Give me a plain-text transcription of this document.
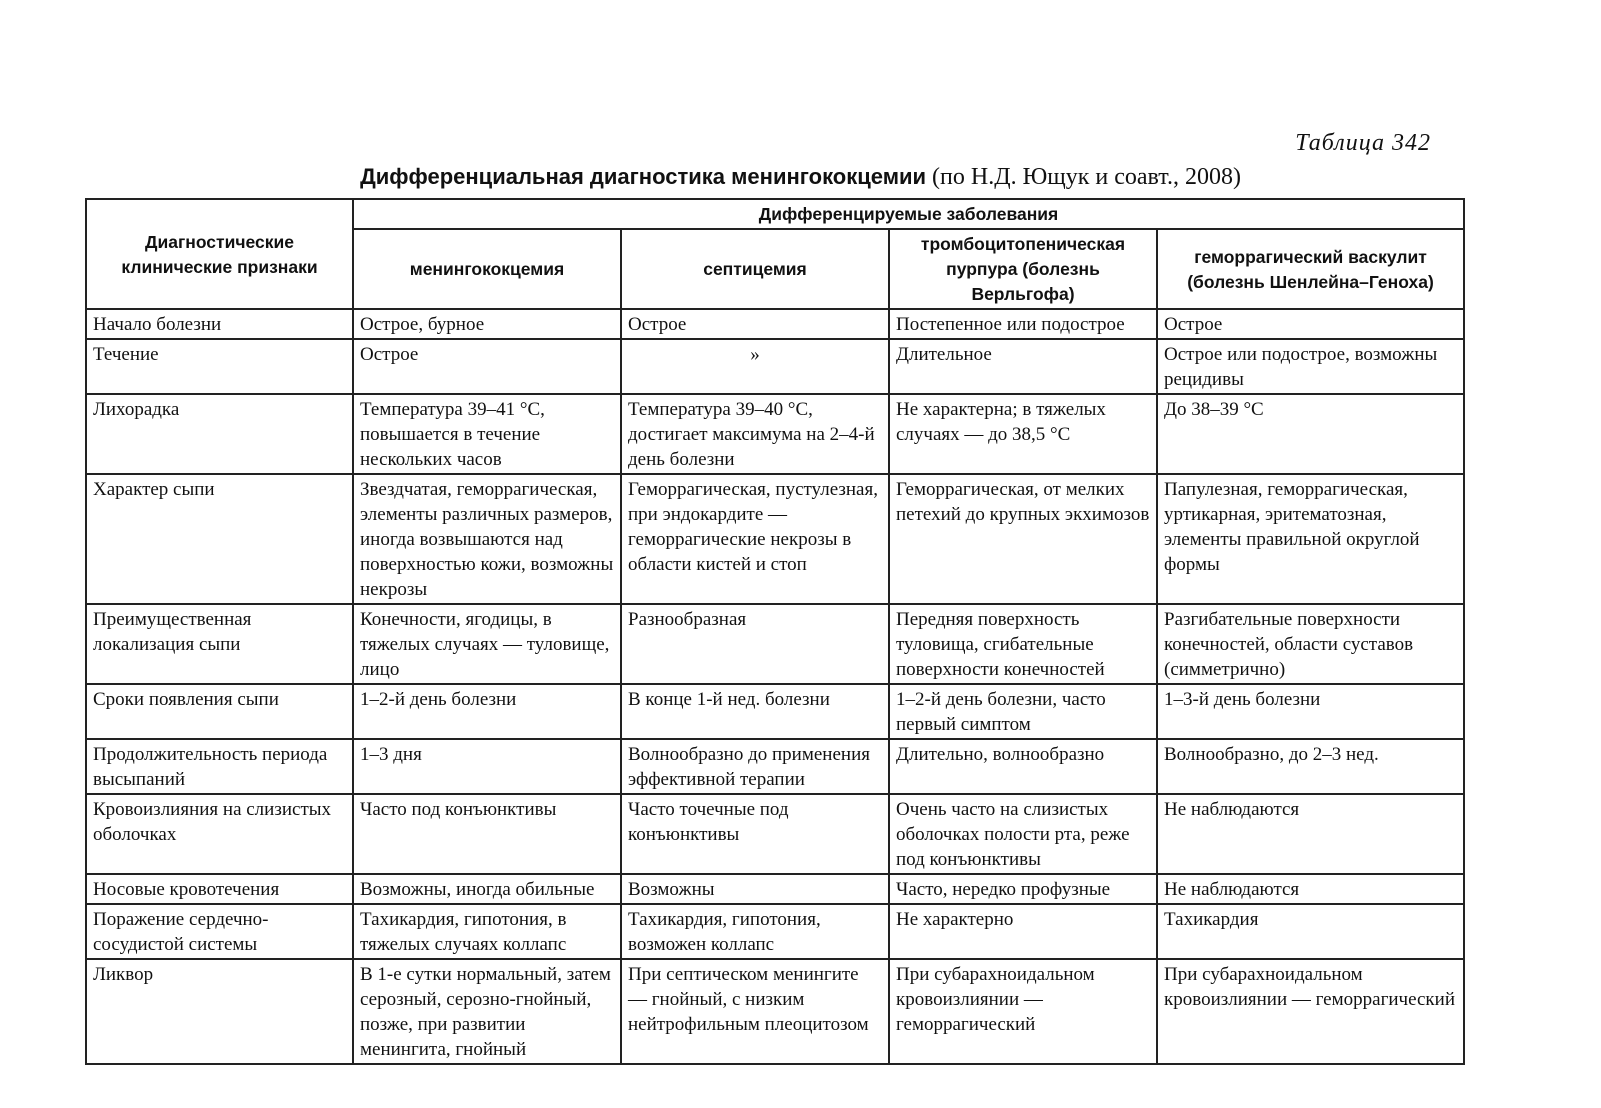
Таблица 342
Дифференциальная диагностика менингококцемии (по Н.Д. Ющук и соавт., 2008)
Диагностические клинические признаки	Дифференцируемые заболевания			
	менингококцемия	септицемия	тромбоцитопеническая пурпура (болезнь Верльгофа)	геморрагический васкулит (болезнь Шенлейна–Геноха)
Начало болезни	Острое, бурное	Острое	Постепенное или подострое	Острое
Течение	Острое	»	Длительное	Острое или подострое, возможны рецидивы
Лихорадка	Температура 39–41 °С, повышается в течение нескольких часов	Температура 39–40 °С, достигает максимума на 2–4-й день болезни	Не характерна; в тяжелых случаях — до 38,5 °С	До 38–39 °С
Характер сыпи	Звездчатая, геморрагическая, элементы различных размеров, иногда возвышаются над поверхностью кожи, возможны некрозы	Геморрагическая, пустулезная, при эндокардите — геморрагические некрозы в области кистей и стоп	Геморрагическая, от мелких петехий до крупных экхимозов	Папулезная, геморрагическая, уртикарная, эритематозная, элементы правильной округлой формы
Преимущественная локализация сыпи	Конечности, ягодицы, в тяжелых случаях — туловище, лицо	Разнообразная	Передняя поверхность туловища, сгибательные поверхности конечностей	Разгибательные поверхности конечностей, области суставов (симметрично)
Сроки появления сыпи	1–2-й день болезни	В конце 1-й нед. болезни	1–2-й день болезни, часто первый симптом	1–3-й день болезни
Продолжительность периода высыпаний	1–3 дня	Волнообразно до применения эффективной терапии	Длительно, волнообразно	Волнообразно, до 2–3 нед.
Кровоизлияния на слизистых оболочках	Часто под конъюнктивы	Часто точечные под конъюнктивы	Очень часто на слизистых оболочках полости рта, реже под конъюнктивы	Не наблюдаются
Носовые кровотечения	Возможны, иногда обильные	Возможны	Часто, нередко профузные	Не наблюдаются
Поражение сердечно-сосудистой системы	Тахикардия, гипотония, в тяжелых случаях коллапс	Тахикардия, гипотония, возможен коллапс	Не характерно	Тахикардия
Ликвор	В 1-е сутки нормальный, затем серозный, серозно-гнойный, позже, при развитии менингита, гнойный	При септическом менингите — гнойный, с низким нейтрофильным плеоцитозом	При субарахноидальном кровоизлиянии — геморрагический	При субарахноидальном кровоизлиянии — геморрагический
